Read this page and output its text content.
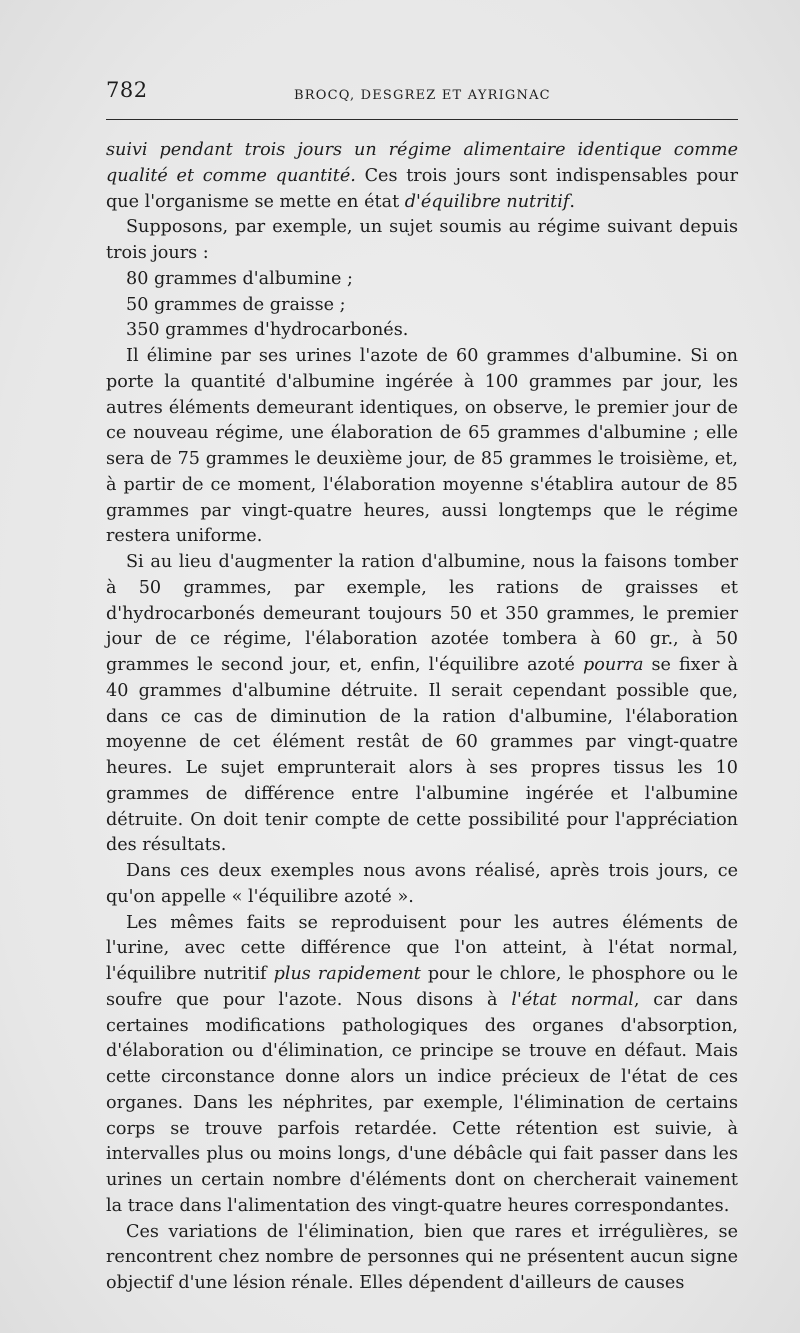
782	BROCQ, DESGREZ ET AYRIGNAC

suivi pendant trois jours un régime alimentaire identique comme qualité et comme quantité. Ces trois jours sont indispensables pour que l'organisme se mette en état d'équilibre nutritif.

Supposons, par exemple, un sujet soumis au régime suivant depuis trois jours :

80 grammes d'albumine ;

50 grammes de graisse ;

350 grammes d'hydrocarbonés.

Il élimine par ses urines l'azote de 60 grammes d'albumine. Si on porte la quantité d'albumine ingérée à 100 grammes par jour, les autres éléments demeurant identiques, on observe, le premier jour de ce nouveau régime, une élaboration de 65 grammes d'albumine ; elle sera de 75 grammes le deuxième jour, de 85 grammes le troisième, et, à partir de ce moment, l'élaboration moyenne s'établira autour de 85 grammes par vingt-quatre heures, aussi longtemps que le régime restera uniforme.

Si au lieu d'augmenter la ration d'albumine, nous la faisons tomber à 50 grammes, par exemple, les rations de graisses et d'hydrocarbonés demeurant toujours 50 et 350 grammes, le premier jour de ce régime, l'élaboration azotée tombera à 60 gr., à 50 grammes le second jour, et, enfin, l'équilibre azoté pourra se fixer à 40 grammes d'albumine détruite. Il serait cependant possible que, dans ce cas de diminution de la ration d'albumine, l'élaboration moyenne de cet élément restât de 60 grammes par vingt-quatre heures. Le sujet emprunterait alors à ses propres tissus les 10 grammes de différence entre l'albumine ingérée et l'albumine détruite. On doit tenir compte de cette possibilité pour l'appréciation des résultats.

Dans ces deux exemples nous avons réalisé, après trois jours, ce qu'on appelle « l'équilibre azoté ».

Les mêmes faits se reproduisent pour les autres éléments de l'urine, avec cette différence que l'on atteint, à l'état normal, l'équilibre nutritif plus rapidement pour le chlore, le phosphore ou le soufre que pour l'azote. Nous disons à l'état normal, car dans certaines modifications pathologiques des organes d'absorption, d'élaboration ou d'élimination, ce principe se trouve en défaut. Mais cette circonstance donne alors un indice précieux de l'état de ces organes. Dans les néphrites, par exemple, l'élimination de certains corps se trouve parfois retardée. Cette rétention est suivie, à intervalles plus ou moins longs, d'une débâcle qui fait passer dans les urines un certain nombre d'éléments dont on chercherait vainement la trace dans l'alimentation des vingt-quatre heures correspondantes.

Ces variations de l'élimination, bien que rares et irrégulières, se rencontrent chez nombre de personnes qui ne présentent aucun signe objectif d'une lésion rénale. Elles dépendent d'ailleurs de causes
